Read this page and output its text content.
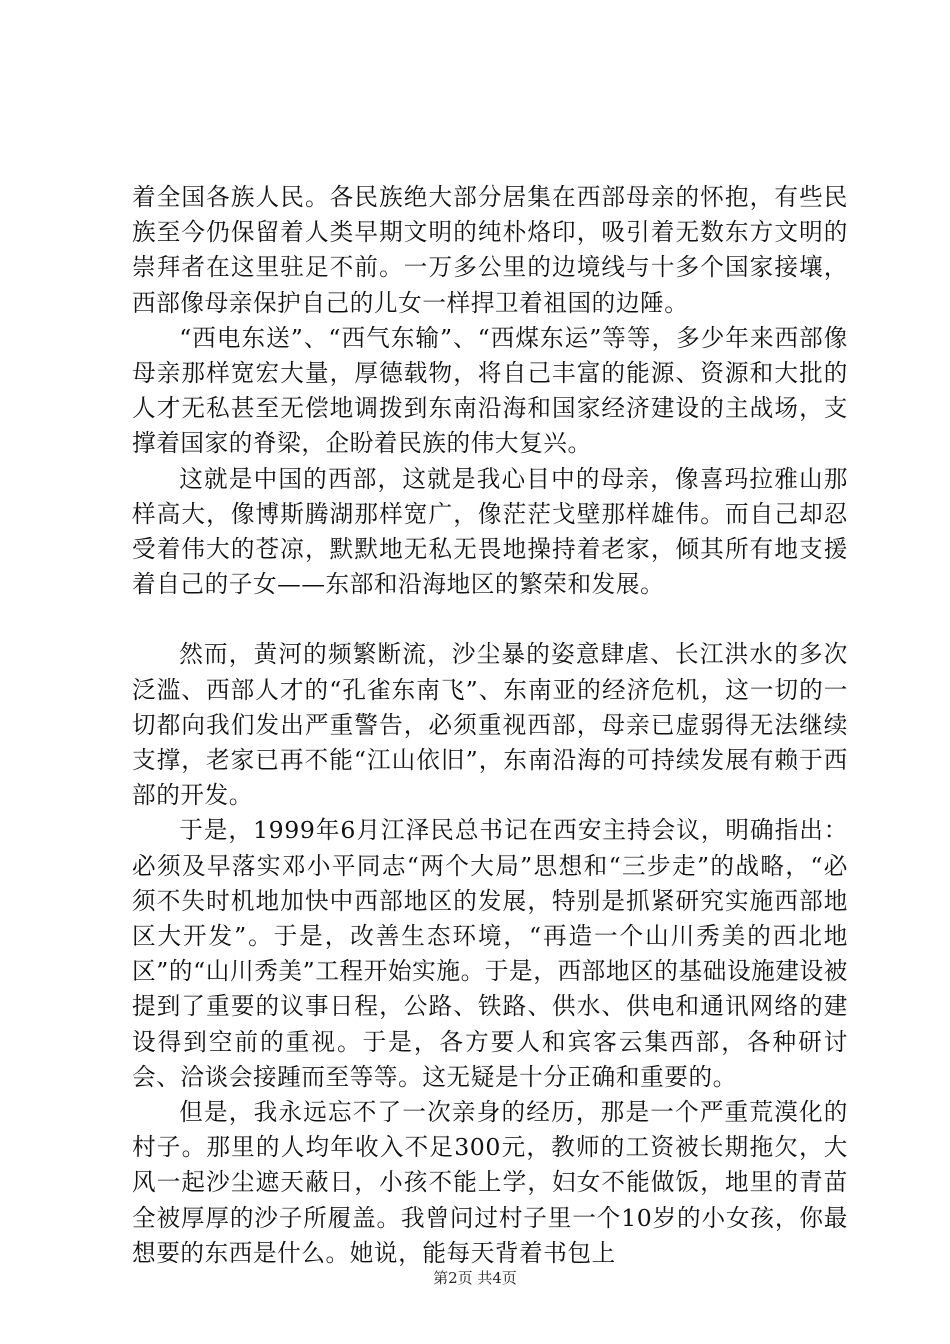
着全国各族人民。各民族绝大部分居集在西部母亲的怀抱，有些民族至今仍保留着人类早期文明的纯朴烙印，吸引着无数东方文明的崇拜者在这里驻足不前。一万多公里的边境线与十多个国家接壤，西部像母亲保护自己的儿女一样捍卫着祖国的边陲。

“西电东送”、“西气东输”、“西煤东运”等等，多少年来西部像母亲那样宽宏大量，厚德载物，将自己丰富的能源、资源和大批的人才无私甚至无偿地调拨到东南沿海和国家经济建设的主战场，支撑着国家的脊梁，企盼着民族的伟大复兴。

这就是中国的西部，这就是我心目中的母亲，像喜玛拉雅山那样高大，像博斯腾湖那样宽广，像茫茫戈壁那样雄伟。而自己却忍受着伟大的苍凉，默默地无私无畏地操持着老家，倾其所有地支援着自己的子女——东部和沿海地区的繁荣和发展。

然而，黄河的频繁断流，沙尘暴的姿意肆虐、长江洪水的多次泛滥、西部人才的“孔雀东南飞”、东南亚的经济危机，这一切的一切都向我们发出严重警告，必须重视西部，母亲已虚弱得无法继续支撑，老家已再不能“江山依旧”，东南沿海的可持续发展有赖于西部的开发。

于是，1999年6月江泽民总书记在西安主持会议，明确指出：必须及早落实邓小平同志“两个大局”思想和“三步走”的战略，“必须不失时机地加快中西部地区的发展，特别是抓紧研究实施西部地区大开发”。于是，改善生态环境，“再造一个山川秀美的西北地区”的“山川秀美”工程开始实施。于是，西部地区的基础设施建设被提到了重要的议事日程，公路、铁路、供水、供电和通讯网络的建设得到空前的重视。于是，各方要人和宾客云集西部，各种研讨会、洽谈会接踵而至等等。这无疑是十分正确和重要的。

但是，我永远忘不了一次亲身的经历，那是一个严重荒漠化的村子。那里的人均年收入不足300元，教师的工资被长期拖欠，大风一起沙尘遮天蔽日，小孩不能上学，妇女不能做饭，地里的青苗全被厚厚的沙子所履盖。我曾问过村子里一个10岁的小女孩，你最想要的东西是什么。她说，能每天背着书包上

第2页 共4页
